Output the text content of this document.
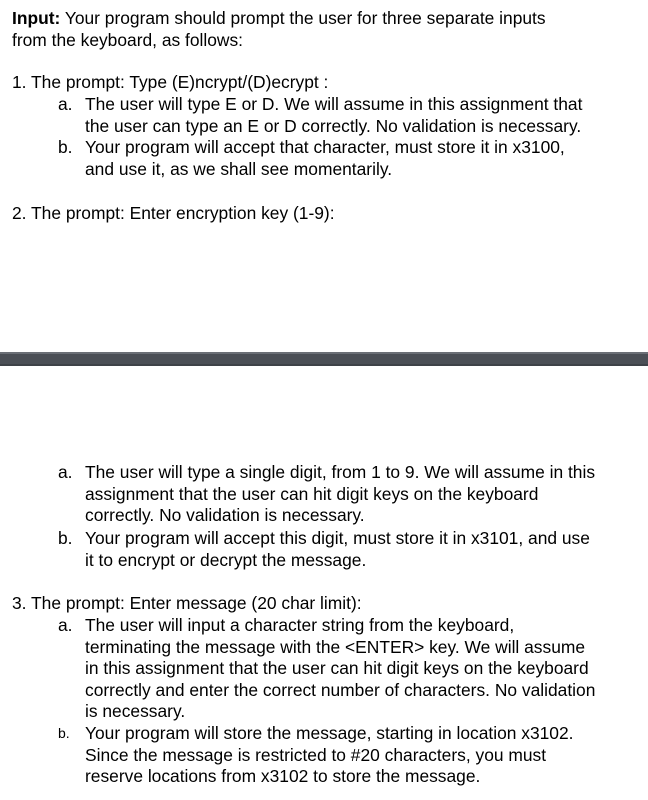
Input: Your program should prompt the user for three separate inputs
from the keyboard, as follows:
1. The prompt: Type (E)ncrypt/(D)ecrypt :
a. The user will type E or D. We will assume in this assignment that
the user can type an E or D correctly. No validation is necessary.
b. Your program will accept that character, must store it in x3100,
and use it, as we shall see momentarily.
2. The prompt: Enter encryption key (1-9):
a. The user will type a single digit, from 1 to 9. We will assume in this
assignment that the user can hit digit keys on the keyboard
correctly. No validation is necessary.
b. Your program will accept this digit, must store it in x3101, and use
it to encrypt or decrypt the message.
3. The prompt: Enter message (20 char limit):
a. The user will input a character string from the keyboard,
terminating the message with the <ENTER> key. We will assume
in this assignment that the user can hit digit keys on the keyboard
correctly and enter the correct number of characters. No validation
is necessary.
b. Your program will store the message, starting in location x3102.
Since the message is restricted to #20 characters, you must
reserve locations from x3102 to store the message.
